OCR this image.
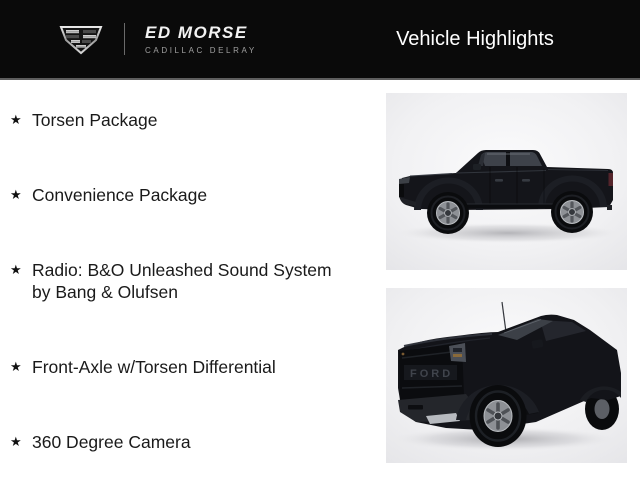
ED MORSE
CADILLAC DELRAY
Vehicle Highlights
★ Torsen Package
★ Convenience Package
★ Radio: B&O Unleashed Sound System by Bang & Olufsen
★ Front-Axle w/Torsen Differential
★ 360 Degree Camera
FORD
